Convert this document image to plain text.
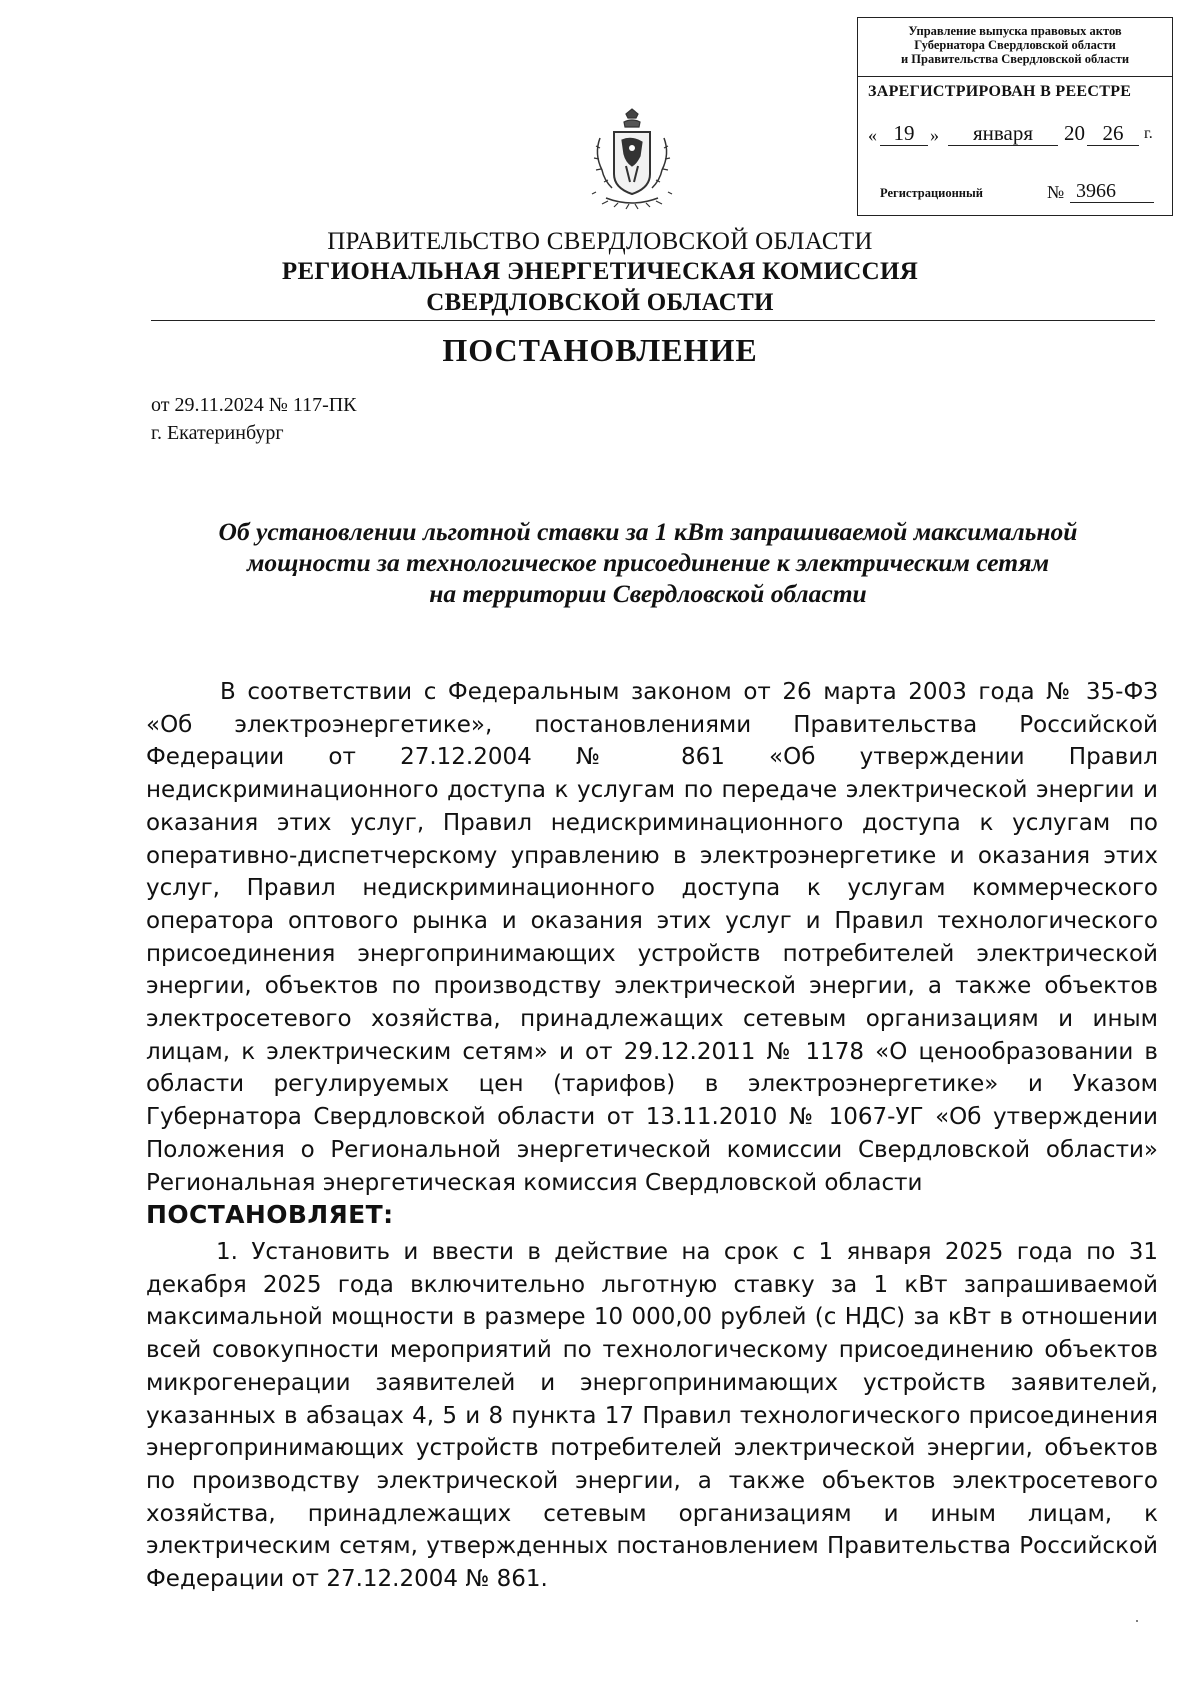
Управление выпуска правовых актов
Губернатора Свердловской области
и Правительства Свердловской области
ЗАРЕГИСТРИРОВАН В РЕЕСТРЕ
« 19 »	января	20 26	г.
Регистрационный	№ 3966
ПРАВИТЕЛЬСТВО СВЕРДЛОВСКОЙ ОБЛАСТИ
РЕГИОНАЛЬНАЯ ЭНЕРГЕТИЧЕСКАЯ КОМИССИЯ
СВЕРДЛОВСКОЙ ОБЛАСТИ
ПОСТАНОВЛЕНИЕ
от 29.11.2024 № 117-ПК
г. Екатеринбург
Об установлении льготной ставки за 1 кВт запрашиваемой максимальной
мощности за технологическое присоединение к электрическим сетям
на территории Свердловской области
В соответствии с Федеральным законом от 26 марта 2003 года № 35-ФЗ «Об электроэнергетике», постановлениями Правительства Российской Федерации от 27.12.2004 № 861 «Об утверждении Правил недискриминационного доступа к услугам по передаче электрической энергии и оказания этих услуг, Правил недискриминационного доступа к услугам по оперативно-диспетчерскому управлению в электроэнергетике и оказания этих услуг, Правил недискриминационного доступа к услугам коммерческого оператора оптового рынка и оказания этих услуг и Правил технологического присоединения энергопринимающих устройств потребителей электрической энергии, объектов по производству электрической энергии, а также объектов электросетевого хозяйства, принадлежащих сетевым организациям и иным лицам, к электрическим сетям» и от 29.12.2011 № 1178 «О ценообразовании в области регулируемых цен (тарифов) в электроэнергетике» и Указом Губернатора Свердловской области от 13.11.2010 № 1067-УГ «Об утверждении Положения о Региональной энергетической комиссии Свердловской области» Региональная энергетическая комиссия Свердловской области
ПОСТАНОВЛЯЕТ:
1. Установить и ввести в действие на срок с 1 января 2025 года по 31 декабря 2025 года включительно льготную ставку за 1 кВт запрашиваемой максимальной мощности в размере 10 000,00 рублей (с НДС) за кВт в отношении всей совокупности мероприятий по технологическому присоединению объектов микрогенерации заявителей и энергопринимающих устройств заявителей, указанных в абзацах 4, 5 и 8 пункта 17 Правил технологического присоединения энергопринимающих устройств потребителей электрической энергии, объектов по производству электрической энергии, а также объектов электросетевого хозяйства, принадлежащих сетевым организациям и иным лицам, к электрическим сетям, утвержденных постановлением Правительства Российской Федерации от 27.12.2004 № 861.
